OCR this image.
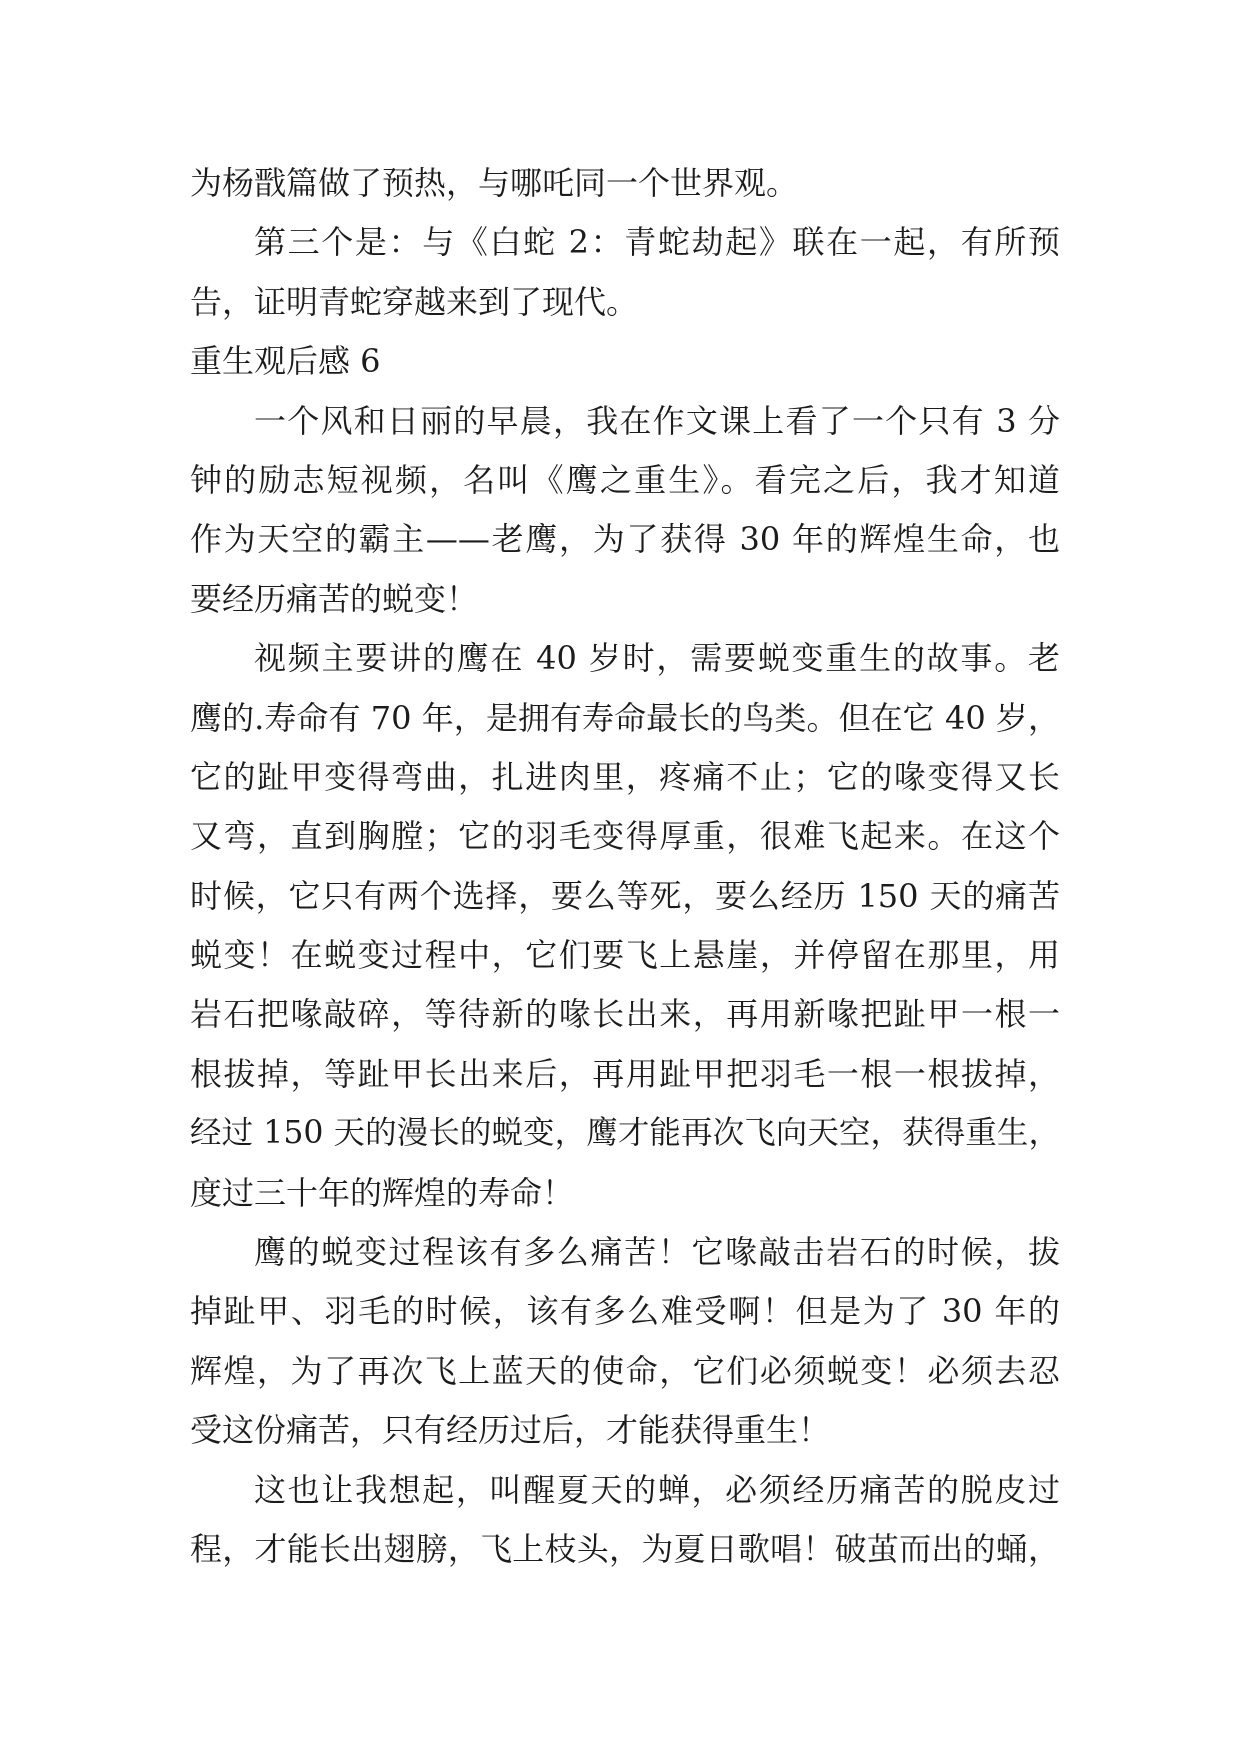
为杨戬篇做了预热，与哪吒同一个世界观。
第三个是：与《白蛇 2：青蛇劫起》联在一起，有所预
告，证明青蛇穿越来到了现代。
重生观后感 6
一个风和日丽的早晨，我在作文课上看了一个只有 3 分
钟的励志短视频，名叫《鹰之重生》。看完之后，我才知道
作为天空的霸主——老鹰，为了获得 30 年的辉煌生命，也
要经历痛苦的蜕变！
视频主要讲的鹰在 40 岁时，需要蜕变重生的故事。老
鹰的.寿命有 70 年，是拥有寿命最长的鸟类。但在它 40 岁，
它的趾甲变得弯曲，扎进肉里，疼痛不止；它的喙变得又长
又弯，直到胸膛；它的羽毛变得厚重，很难飞起来。在这个
时候，它只有两个选择，要么等死，要么经历 150 天的痛苦
蜕变！在蜕变过程中，它们要飞上悬崖，并停留在那里，用
岩石把喙敲碎，等待新的喙长出来，再用新喙把趾甲一根一
根拔掉，等趾甲长出来后，再用趾甲把羽毛一根一根拔掉，
经过 150 天的漫长的蜕变，鹰才能再次飞向天空，获得重生，
度过三十年的辉煌的寿命！
鹰的蜕变过程该有多么痛苦！它喙敲击岩石的时候，拔
掉趾甲、羽毛的时候，该有多么难受啊！但是为了 30 年的
辉煌，为了再次飞上蓝天的使命，它们必须蜕变！必须去忍
受这份痛苦，只有经历过后，才能获得重生！
这也让我想起，叫醒夏天的蝉，必须经历痛苦的脱皮过
程，才能长出翅膀，飞上枝头，为夏日歌唱！破茧而出的蛹，
